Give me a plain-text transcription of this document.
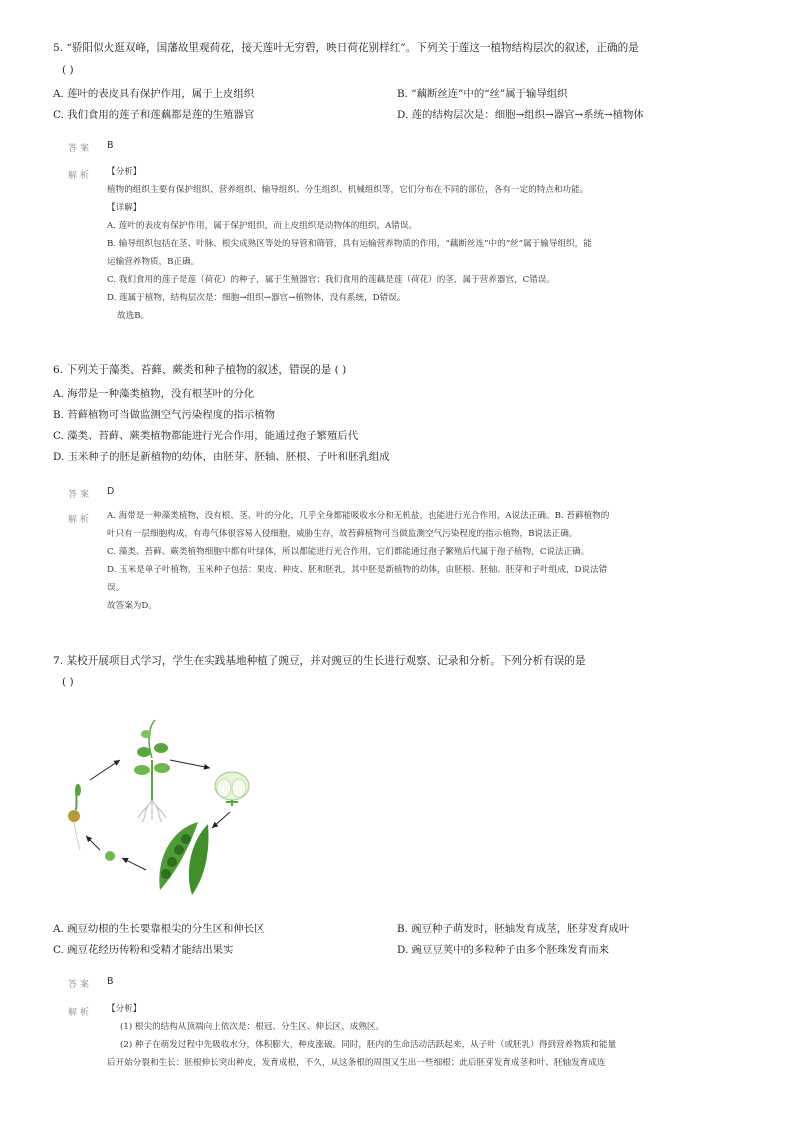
5. “骄阳似火逛双峰，国藩故里观荷花，接天莲叶无穷碧，映日荷花别样红”。下列关于莲这一植物结构层次的叙述，正确的是
( )
A. 莲叶的表皮具有保护作用，属于上皮组织	B. “藕断丝连”中的“丝”属于输导组织
C. 我们食用的莲子和莲藕都是莲的生殖器官	D. 莲的结构层次是：细胞→组织→器官→系统→植物体
答案 B
解析 【分析】
植物的组织主要有保护组织、营养组织、输导组织、分生组织、机械组织等，它们分布在不同的部位，各有一定的特点和功能。
【详解】
A. 莲叶的表皮有保护作用，属于保护组织，而上皮组织是动物体的组织，A错误。
B. 输导组织包括在茎、叶脉、根尖成熟区等处的导管和筛管，具有运输营养物质的作用，“藕断丝连”中的“丝”属于输导组织，能
运输营养物质，B正确。
C. 我们食用的莲子是莲（荷花）的种子，属于生殖器官；我们食用的莲藕是莲（荷花）的茎，属于营养器官，C错误。
D. 莲属于植物，结构层次是：细胞→组织→器官→植物体，没有系统，D错误。
故选B。
6. 下列关于藻类、苔藓、蕨类和种子植物的叙述，错误的是 ( )
A. 海带是一种藻类植物，没有根茎叶的分化
B. 苔藓植物可当做监测空气污染程度的指示植物
C. 藻类、苔藓、蕨类植物都能进行光合作用，能通过孢子繁殖后代
D. 玉米种子的胚是新植物的幼体，由胚芽、胚轴、胚根、子叶和胚乳组成
答案 D
解析 A. 海带是一种藻类植物，没有根、茎、叶的分化，几乎全身都能吸收水分和无机盐，也能进行光合作用，A说法正确。B. 苔藓植物的
叶只有一层细胞构成，有毒气体很容易入侵细胞，威胁生存，故苔藓植物可当做监测空气污染程度的指示植物，B说法正确。
C. 藻类、苔藓、蕨类植物细胞中都有叶绿体，所以都能进行光合作用，它们都能通过孢子繁殖后代属于孢子植物，C说法正确。
D. 玉米是单子叶植物，玉米种子包括：果皮、种皮、胚和胚乳，其中胚是新植物的幼体，由胚根、胚轴、胚芽和子叶组成，D说法错
误。
故答案为D。
7. 某校开展项目式学习，学生在实践基地种植了豌豆，并对豌豆的生长进行观察、记录和分析。下列分析有误的是
( )
A. 豌豆幼根的生长要靠根尖的分生区和伸长区	B. 豌豆种子萌发时，胚轴发育成茎，胚芽发育成叶
C. 豌豆花经历传粉和受精才能结出果实	D. 豌豆豆荚中的多粒种子由多个胚珠发育而来
答案 B
解析 【分析】
(1) 根尖的结构从顶端向上依次是：根冠、分生区、伸长区、成熟区。
(2) 种子在萌发过程中先吸收水分，体积膨大，种皮涨破。同时，胚内的生命活动活跃起来，从子叶（或胚乳）得到营养物质和能量
后开始分裂和生长：胚根伸长突出种皮，发育成根，不久，从这条根的周围又生出一些细根；此后胚芽发育成茎和叶、胚轴发育成连
